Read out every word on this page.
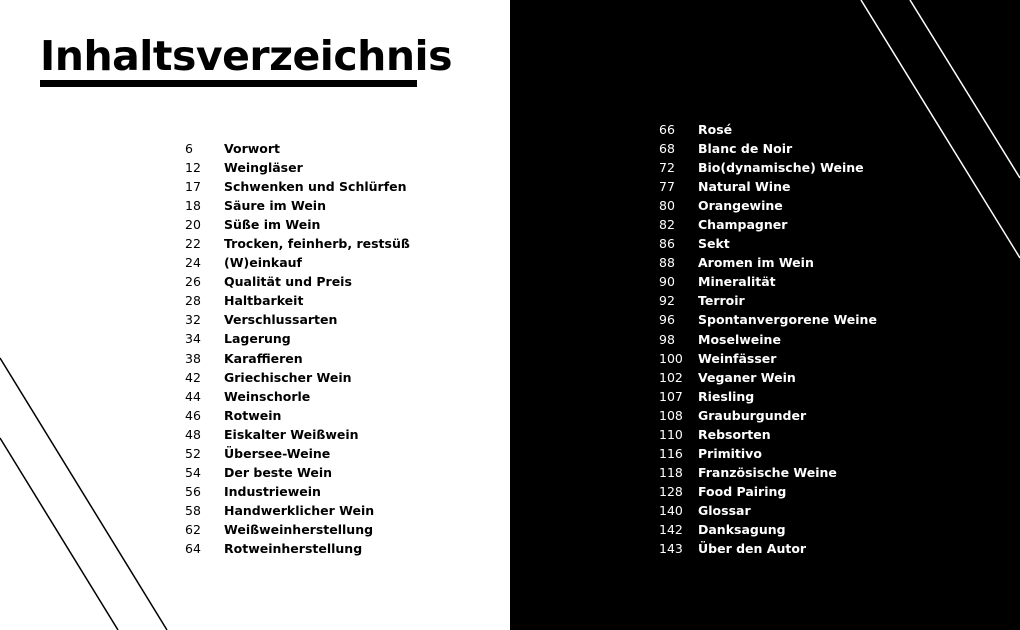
Inhaltsverzeichnis
6	Vorwort
12	Weingläser
17	Schwenken und Schlürfen
18	Säure im Wein
20	Süße im Wein
22	Trocken, feinherb, restsüß
24	(W)einkauf
26	Qualität und Preis
28	Haltbarkeit
32	Verschlussarten
34	Lagerung
38	Karaffieren
42	Griechischer Wein
44	Weinschorle
46	Rotwein
48	Eiskalter Weißwein
52	Übersee-Weine
54	Der beste Wein
56	Industriewein
58	Handwerklicher Wein
62	Weißweinherstellung
64	Rotweinherstellung
66	Rosé
68	Blanc de Noir
72	Bio(dynamische) Weine
77	Natural Wine
80	Orangewine
82	Champagner
86	Sekt
88	Aromen im Wein
90	Mineralität
92	Terroir
96	Spontanvergorene Weine
98	Moselweine
100	Weinfässer
102	Veganer Wein
107	Riesling
108	Grauburgunder
110	Rebsorten
116	Primitivo
118	Französische Weine
128	Food Pairing
140	Glossar
142	Danksagung
143	Über den Autor
